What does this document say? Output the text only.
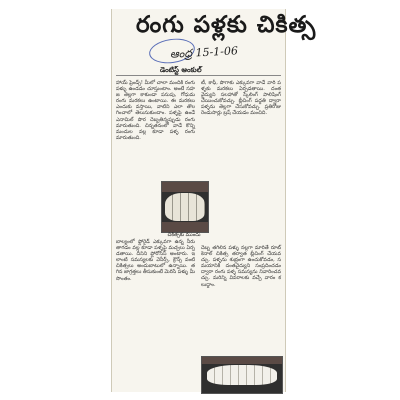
రంగు పళ్లకు చికిత్స
ఆంధ్ర 15-1-06
డెంటిస్ట్ ఆంకుల్
హాయ్ ఫ్రెండ్స్! మీలో చాలా మందికి రంగు పళ్ళు ఉండడం చూస్తుంటాం. అంటే సహజ తెల్లగా కాకుండా పసుపు, గోధుమ రంగు మరకలు ఉంటాయి. ఈ మరకలు ఎందుకు వస్తాయి, వాటిని ఎలా తొలగించాలో తెలుసుకుందాం. పళ్ళపై ఉండే ఎనామిల్ పొర దెబ్బతిన్నప్పుడు రంగు మారుతుంది. చిన్నతనంలో వాడే కొన్ని మందుల వల్ల కూడా పళ్ళ రంగు మారుతుంది.
చికిత్సకు ముందు
టీ, కాఫీ, పొగాకు ఎక్కువగా వాడే వారి పళ్ళకు మరకలు ఏర్పడతాయి. దంతవైద్యుని సలహాతో స్కేలింగ్ పాలిషింగ్ చేయించుకోవచ్చు. బ్లీచింగ్ పద్ధతి ద్వారా పళ్ళను తెల్లగా చేసుకోవచ్చు. ప్రతిరోజు రెండుసార్లు బ్రష్ చేయడం మంచిది.
బాల్యంలో ఫ్లోరైడ్ ఎక్కువగా ఉన్న నీరు తాగడం వల్ల కూడా పళ్ళపై మచ్చలు ఏర్పడతాయి. దీనిని ఫ్లోరోసిస్ అంటారు. ఇలాంటి సమస్యలకు వెనీర్స్, క్రౌన్స్ వంటి చికిత్సలు అందుబాటులో ఉన్నాయి. తగిన జాగ్రత్తలు తీసుకుంటే మెరిసే పళ్ళు మీ సొంతం.
దెబ్బ తగిలిన పళ్ళు నల్లగా మారితే రూట్ కెనాల్ చికిత్స తర్వాత బ్లీచింగ్ చేయవచ్చు. పళ్ళను శుభ్రంగా ఉంచుకోవడం, సమయానికి దంతవైద్యుని సంప్రదించడం ద్వారా రంగు పళ్ళ సమస్యను నివారించవచ్చు. మరిన్ని వివరాలకు వచ్చే వారం కలుద్దాం.
